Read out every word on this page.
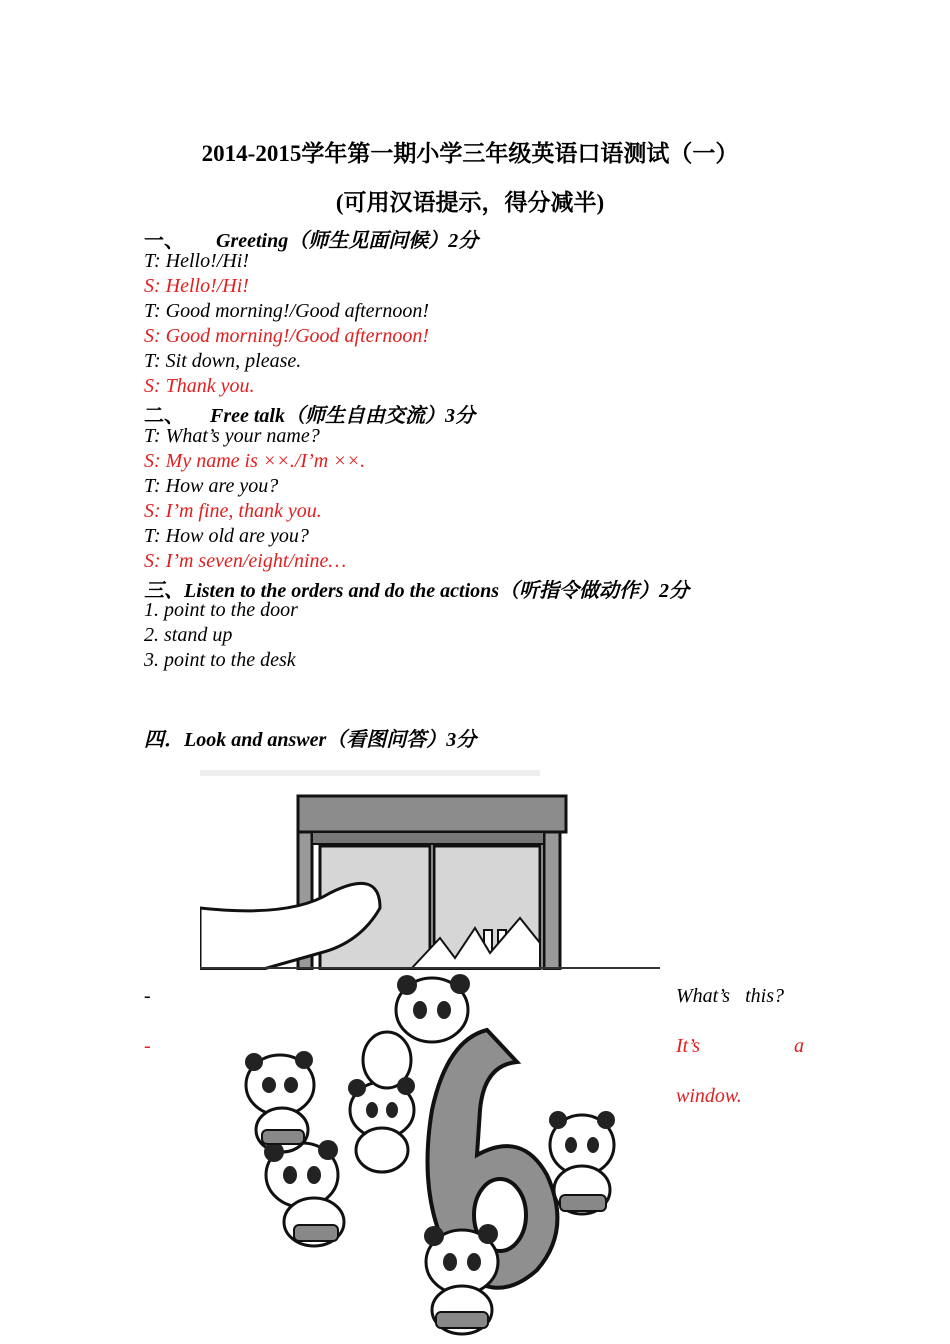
2014-2015学年第一期小学三年级英语口语测试（一）
(可用汉语提示，得分减半)
一、 Greeting（师生见面问候）2分
T: Hello!/Hi!
S: Hello!/Hi!
T: Good morning!/Good afternoon!
S: Good morning!/Good afternoon!
T: Sit down, please.
S: Thank you.
二、 Free talk（师生自由交流）3分
T: What’s your name?
S: My name is ××./I’m ××.
T: How are you?
S: I’m fine, thank you.
T: How old are you?
S: I’m seven/eight/nine…
三、Listen to the orders and do the actions（听指令做动作）2分
1. point to the door
2. stand up
3. point to the desk
四．Look and answer（看图问答）3分
-
-
What’s   this?
It’s	a
window.
